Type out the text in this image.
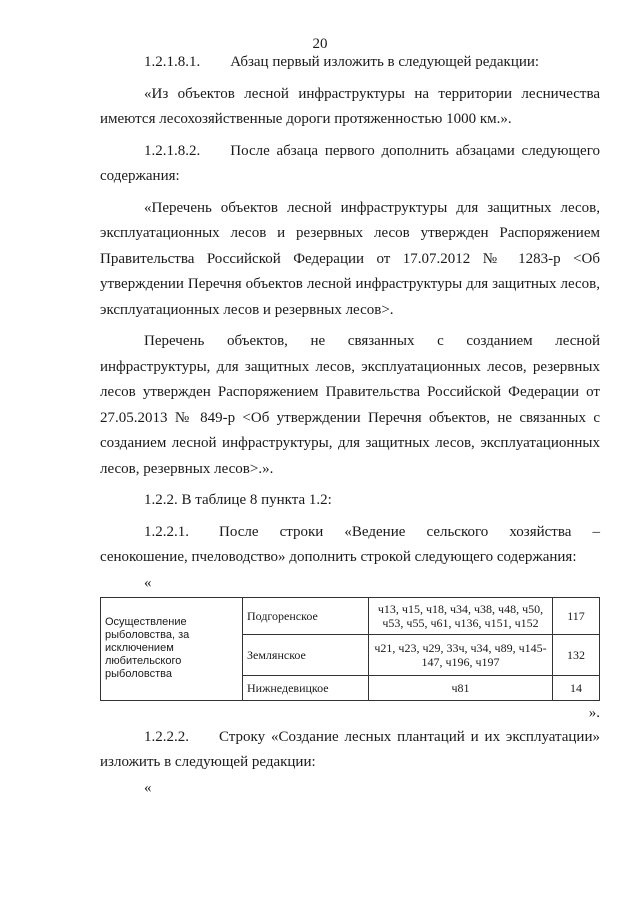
20

1.2.1.8.1. Абзац первый изложить в следующей редакции:

«Из объектов лесной инфраструктуры на территории лесничества имеются лесохозяйственные дороги протяженностью 1000 км.».

1.2.1.8.2. После абзаца первого дополнить абзацами следующего содержания:

«Перечень объектов лесной инфраструктуры для защитных лесов, эксплуатационных лесов и резервных лесов утвержден Распоряжением Правительства Российской Федерации от 17.07.2012 № 1283-р <Об утверждении Перечня объектов лесной инфраструктуры для защитных лесов, эксплуатационных лесов и резервных лесов>.

Перечень объектов, не связанных с созданием лесной инфраструктуры, для защитных лесов, эксплуатационных лесов, резервных лесов утвержден Распоряжением Правительства Российской Федерации от 27.05.2013 № 849-р <Об утверждении Перечня объектов, не связанных с созданием лесной инфраструктуры, для защитных лесов, эксплуатационных лесов, резервных лесов>.».

1.2.2. В таблице 8 пункта 1.2:

1.2.2.1. После строки «Ведение сельского хозяйства – сенокошение, пчеловодство» дополнить строкой следующего содержания:

«

Осуществление рыболовства, за исключением любительского рыболовства	Подгоренское	ч13, ч15, ч18, ч34, ч38, ч48, ч50, ч53, ч55, ч61, ч136, ч151, ч152	117
	Землянское	ч21, ч23, ч29, 33ч, ч34, ч89, ч145-147, ч196, ч197	132
	Нижнедевицкое	ч81	14

».

1.2.2.2. Строку «Создание лесных плантаций и их эксплуатации» изложить в следующей редакции:

«
